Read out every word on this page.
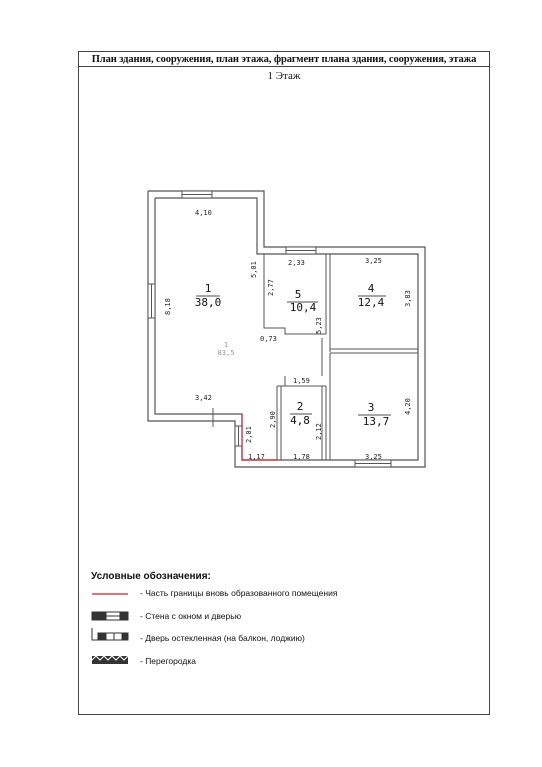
План здания, сооружения, план этажа, фрагмент плана здания, сооружения, этажа
1 Этаж
1
38,0
5
10,4
4
12,4
3
13,7
2
4,8
1
83,5
4,10
8,18
3,42
5,01	2,33
2,77
0,73
5,23
3,25
3,83
4,20
3,25
1,59
2,90
2,12
1,78
1,17
2,01
Условные обозначения:
- Часть границы вновь образованного помещения
- Стена с окном и дверью
- Дверь остекленная (на балкон, лоджию)
- Перегородка
